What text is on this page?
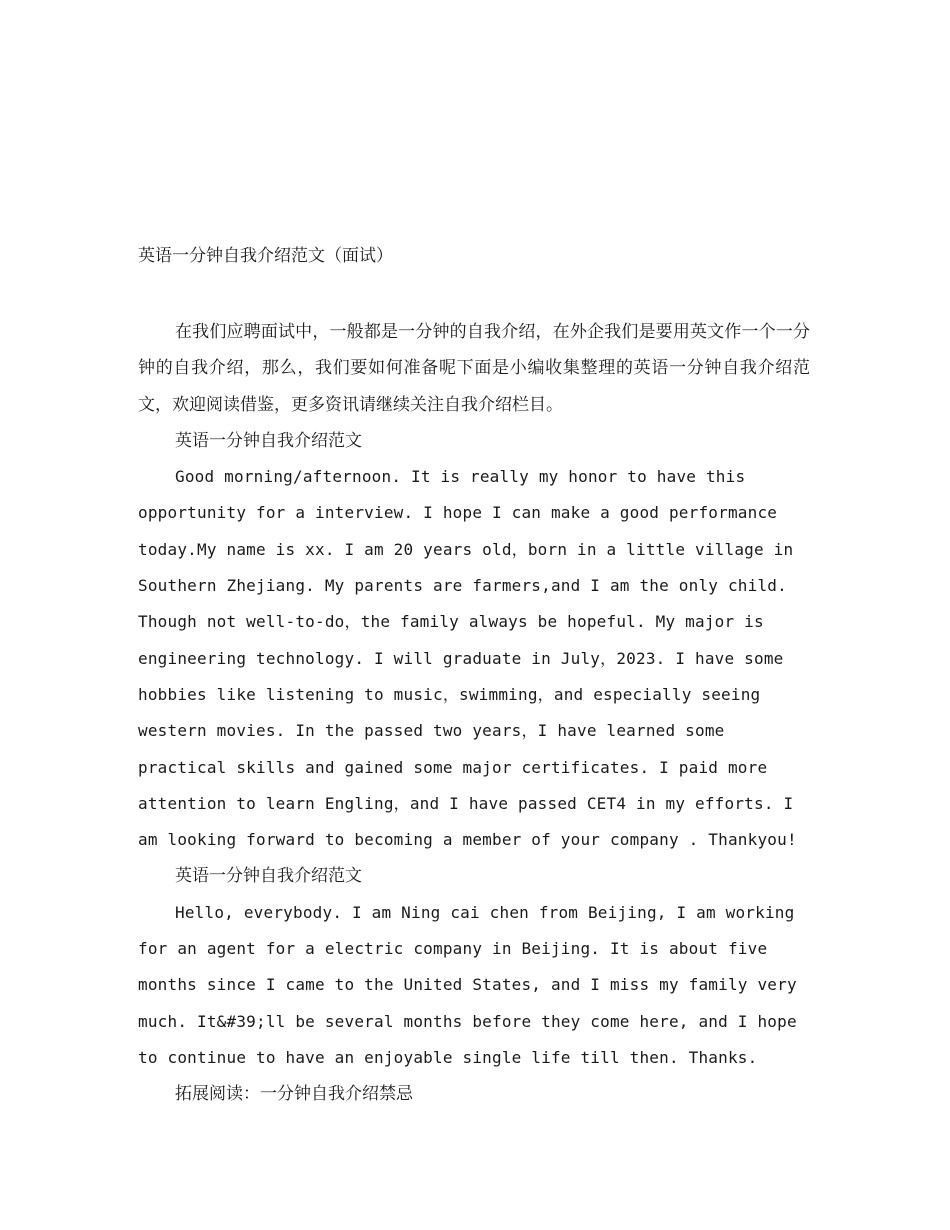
英语一分钟自我介绍范文（面试）

在我们应聘面试中，一般都是一分钟的自我介绍，在外企我们是要用英文作一个一分钟的自我介绍，那么，我们要如何准备呢下面是小编收集整理的英语一分钟自我介绍范文，欢迎阅读借鉴，更多资讯请继续关注自我介绍栏目。

英语一分钟自我介绍范文

Good morning/afternoon. It is really my honor to have this opportunity for a interview. I hope I can make a good performance today.My name is xx. I am 20 years old，born in a little village in Southern Zhejiang. My parents are farmers,and I am the only child. Though not well-to-do，the family always be hopeful. My major is engineering technology. I will graduate in July，2023. I have some hobbies like listening to music，swimming，and especially seeing western movies. In the passed two years，I have learned some practical skills and gained some major certificates. I paid more attention to learn Engling，and I have passed CET4 in my efforts. I am looking forward to becoming a member of your company . Thankyou!

英语一分钟自我介绍范文

Hello, everybody. I am Ning cai chen from Beijing, I am working for an agent for a electric company in Beijing. It is about five months since I came to the United States, and I miss my family very much. It&#39;ll be several months before they come here, and I hope to continue to have an enjoyable single life till then. Thanks.

拓展阅读：一分钟自我介绍禁忌
